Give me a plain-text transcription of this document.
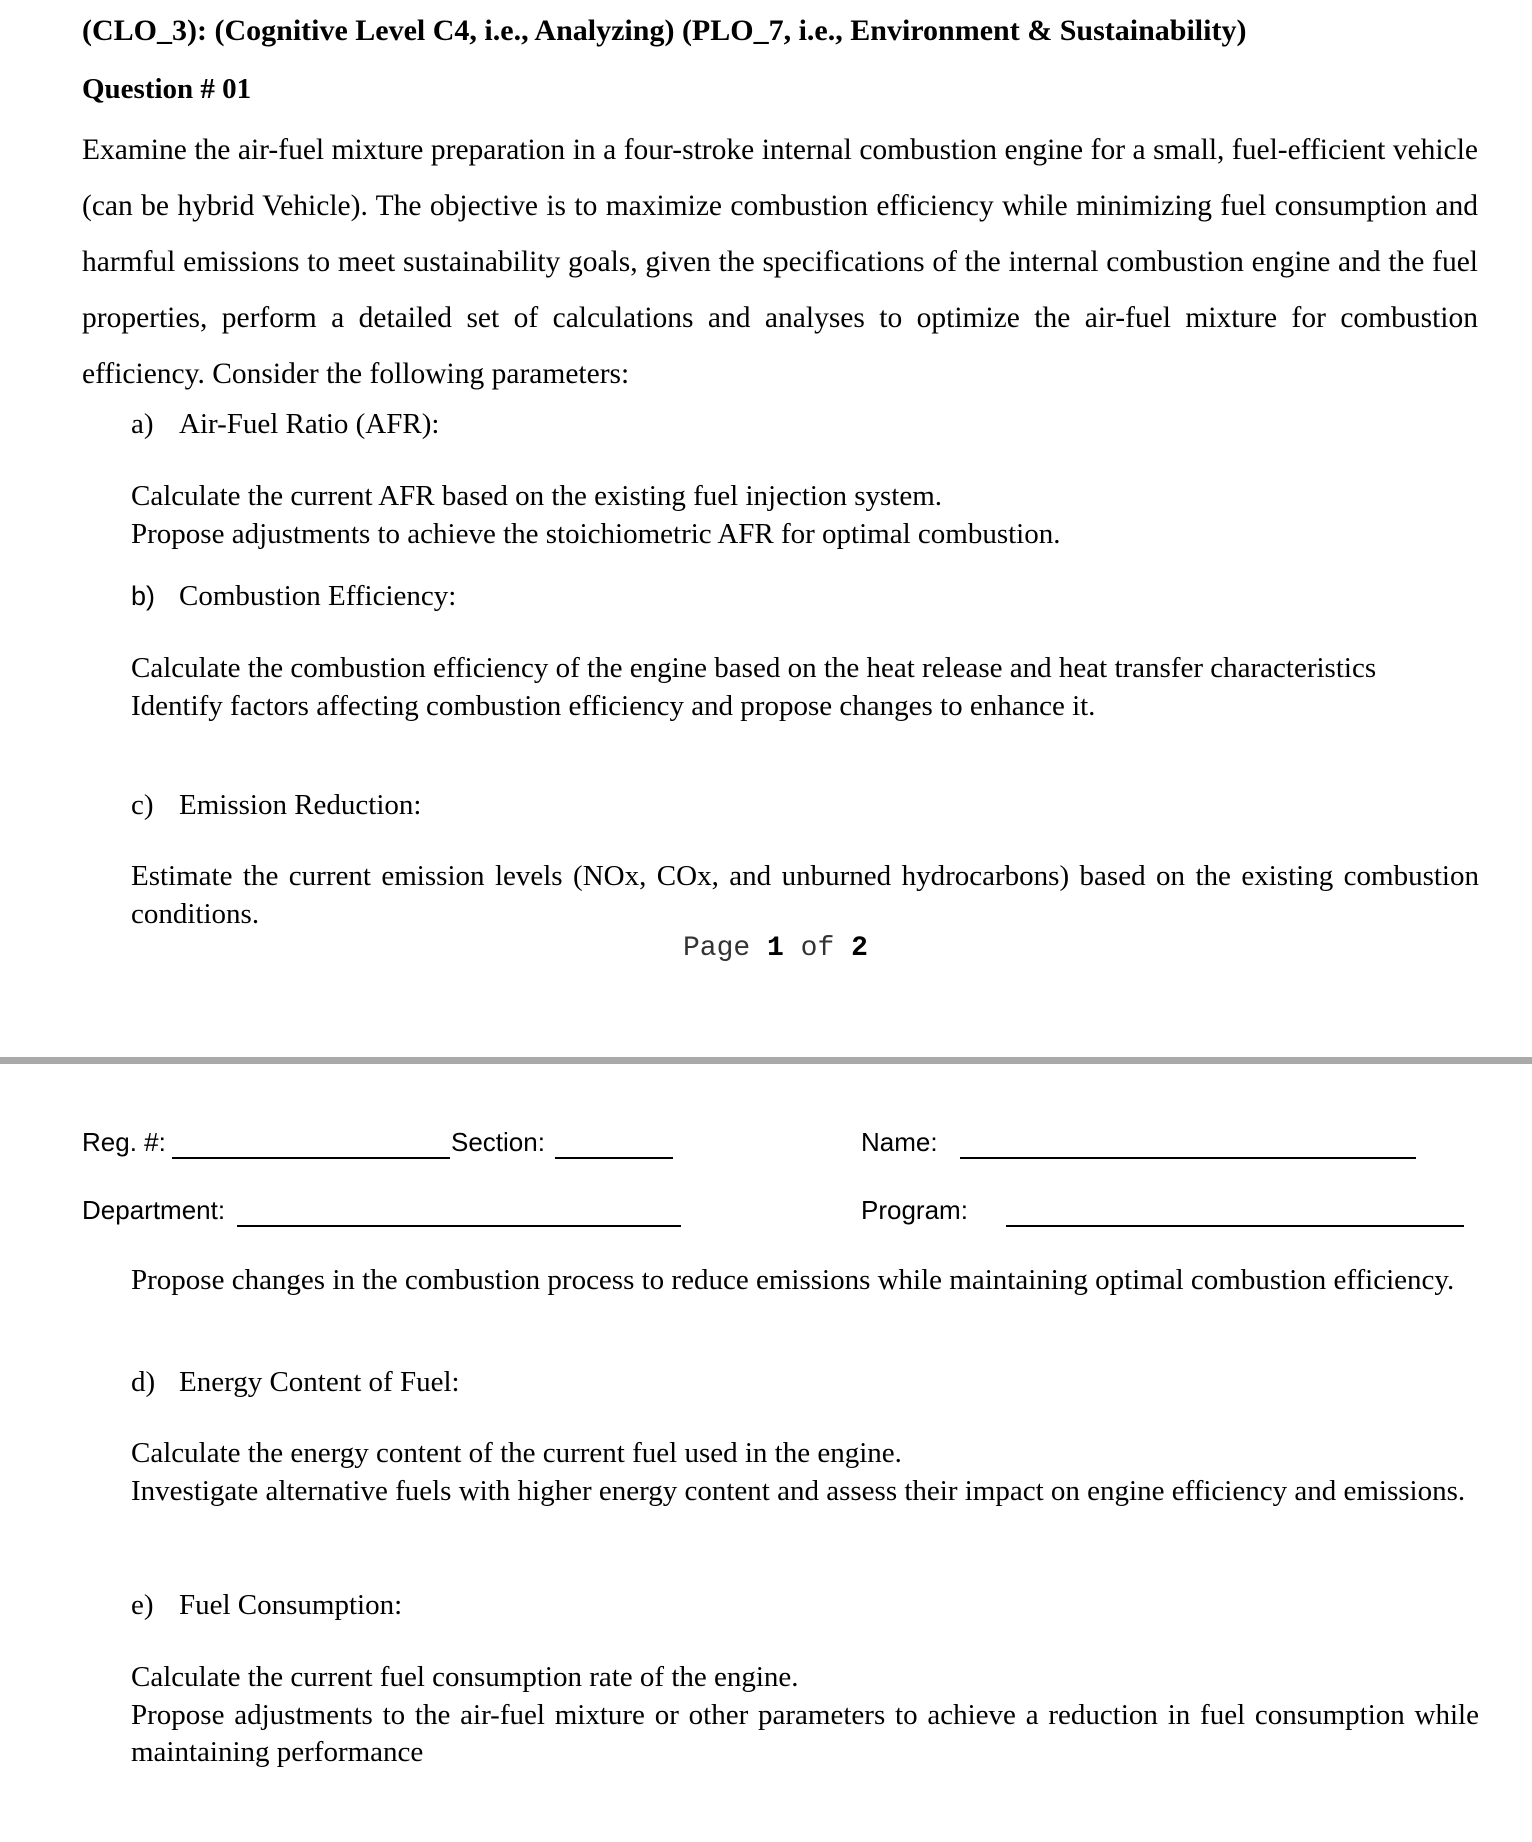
(CLO_3): (Cognitive Level C4, i.e., Analyzing) (PLO_7, i.e., Environment & Sustainability)
Question # 01

Examine the air-fuel mixture preparation in a four-stroke internal combustion engine for a small, fuel-efficient vehicle (can be hybrid Vehicle). The objective is to maximize combustion efficiency while minimizing fuel consumption and harmful emissions to meet sustainability goals, given the specifications of the internal combustion engine and the fuel properties, perform a detailed set of calculations and analyses to optimize the air-fuel mixture for combustion efficiency. Consider the following parameters:

a) Air-Fuel Ratio (AFR):

Calculate the current AFR based on the existing fuel injection system.

Propose adjustments to achieve the stoichiometric AFR for optimal combustion.

b) Combustion Efficiency:

Calculate the combustion efficiency of the engine based on the heat release and heat transfer characteristics

Identify factors affecting combustion efficiency and propose changes to enhance it.

c) Emission Reduction:

Estimate the current emission levels (NOx, COx, and unburned hydrocarbons) based on the existing combustion conditions.

Page 1 of 2
Reg. #:	Section:	Name:
Department:	Program:

Propose changes in the combustion process to reduce emissions while maintaining optimal combustion efficiency.

d) Energy Content of Fuel:

Calculate the energy content of the current fuel used in the engine.

Investigate alternative fuels with higher energy content and assess their impact on engine efficiency and emissions.

e) Fuel Consumption:

Calculate the current fuel consumption rate of the engine.

Propose adjustments to the air-fuel mixture or other parameters to achieve a reduction in fuel consumption while maintaining performance
